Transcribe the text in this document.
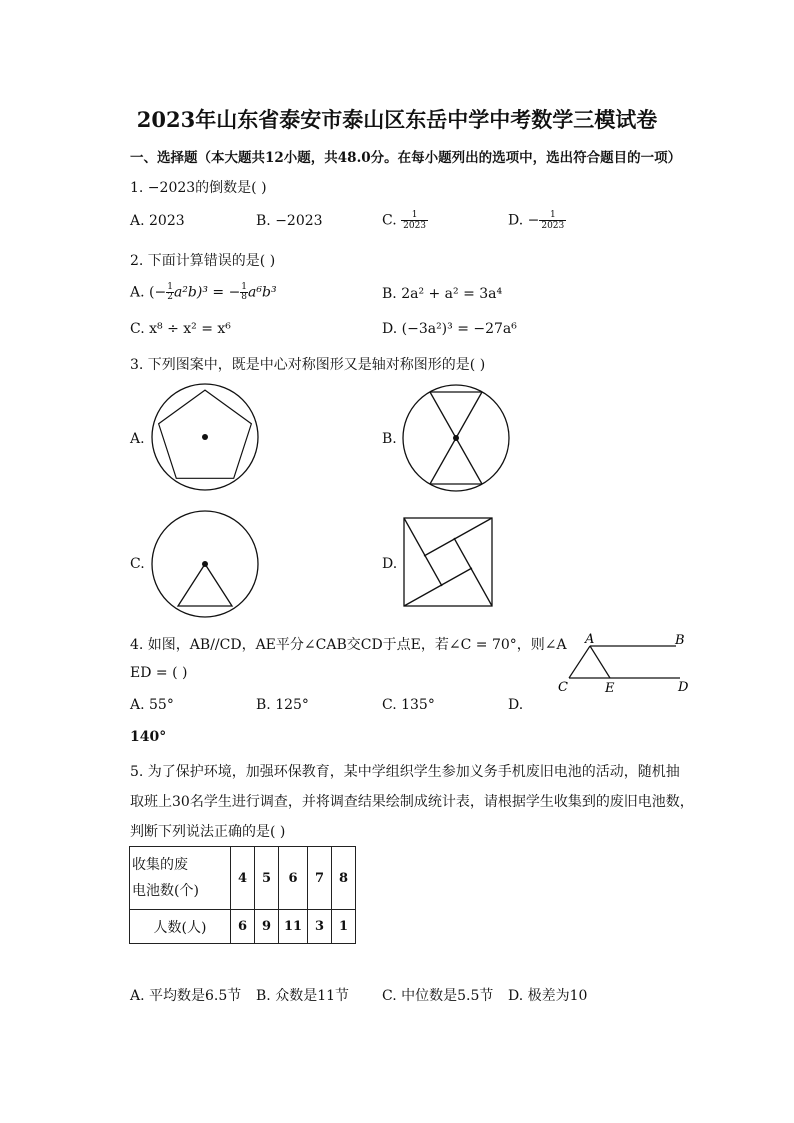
2023年山东省泰安市泰山区东岳中学中考数学三模试卷
一、选择题（本大题共12小题，共48.0分。在每小题列出的选项中，选出符合题目的一项）
1. −2023的倒数是( )
A. 2023	B. −2023	C. $\frac{1}{2023}$	D. − $\frac{1}{2023}$
2. 下面计算错误的是( )
A. (− $\frac{1}{2} a^2b)^3$ = − $\frac{1}{8} a^6b^3$	B. 2a² + a² = 3a⁴
C. x⁸ ÷ x² = x⁶	D. (−3a²)³ = −27a⁶
3. 下列图案中，既是中心对称图形又是轴对称图形的是( )
A.	B.
C.	D.
4. 如图，AB//CD，AE平分∠CAB交CD于点E，若∠C = 70°，则∠A
ED = ( )
A. 55°	B. 125°	C. 135°	D.
140°
A	B
C	E	D
5. 为了保护环境，加强环保教育，某中学组织学生参加义务手机废旧电池的活动，随机抽
取班上30名学生进行调查，并将调查结果绘制成统计表，请根据学生收集到的废旧电池数，
判断下列说法正确的是( )
收集的废
电池数(个)	4	5	6	7	8
人数(人)	6	9	11	3	1
A. 平均数是6.5节 B. 众数是11节 C. 中位数是5.5节 D. 极差为10
